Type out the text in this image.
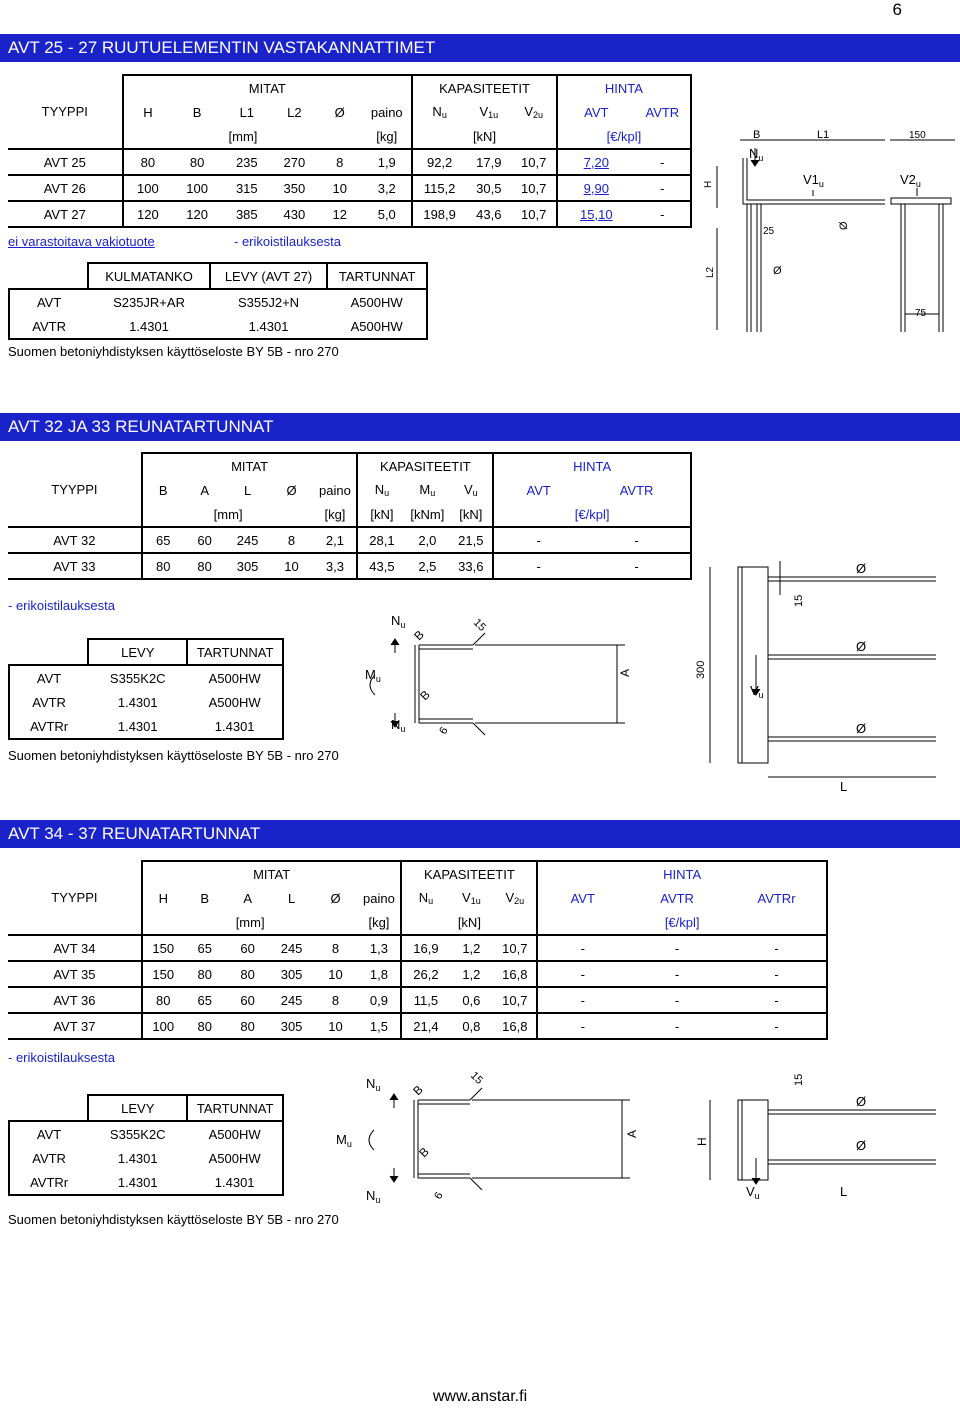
6
AVT 25 - 27 RUUTUELEMENTIN VASTAKANNATTIMET
TYYPPI	MITAT						KAPASITEETIT			HINTA	
	H	B	L1	L2	Ø	paino	$N_u$	$V_{1u}$	$V_{2u}$	AVT	AVTR
	[mm]					[kg]	[kN]			[€/kpl]	
AVT 25	80	80	235	270	8	1,9	92,2	17,9	10,7	7,20	-
AVT 26	100	100	315	350	10	3,2	115,2	30,5	10,7	9,90	-
AVT 27	120	120	385	430	12	5,0	198,9	43,6	10,7	15,10	-
ei varastoitava vakiotuote	- erikoistilauksesta
	KULMATANKO	LEVY (AVT 27)	TARTUNNAT
AVT	S235JR+AR	S355J2+N	A500HW
AVTR	1.4301	1.4301	A500HW
Suomen betoniyhdistyksen käyttöseloste BY 5B - nro 270
B	L1	150
$N_u$
$V1_u$	$V2_u$
H
25
Ø
L2	Ø
75
AVT 32 JA 33 REUNATARTUNNAT
TYYPPI	MITAT					KAPASITEETIT			HINTA	
	B	A	L	Ø	paino	$N_u$	$M_u$	$V_u$	AVT	AVTR
	[mm]				[kg]	[kN]	[kNm]	[kN]	[€/kpl]	
AVT 32	65	60	245	8	2,1	28,1	2,0	21,5	-	-
AVT 33	80	80	305	10	3,3	43,5	2,5	33,6	-	-
- erikoistilauksesta
	LEVY	TARTUNNAT
AVT	S355K2C	A500HW
AVTR	1.4301	A500HW
AVTRr	1.4301	1.4301
Suomen betoniyhdistyksen käyttöseloste BY 5B - nro 270
$N_u$
$M_u$
$N_u$
B
B
15
6
A	300
15
Ø
Ø
Ø
$V_u$
L
AVT 34 - 37 REUNATARTUNNAT
TYYPPI	MITAT						KAPASITEETIT			HINTA		
	H	B	A	L	Ø	paino	$N_u$	$V_{1u}$	$V_{2u}$	AVT	AVTR	AVTRr
	[mm]					[kg]	[kN]			[€/kpl]		
AVT 34	150	65	60	245	8	1,3	16,9	1,2	10,7	-	-	-
AVT 35	150	80	80	305	10	1,8	26,2	1,2	16,8	-	-	-
AVT 36	80	65	60	245	8	0,9	11,5	0,6	10,7	-	-	-
AVT 37	100	80	80	305	10	1,5	21,4	0,8	16,8	-	-	-
- erikoistilauksesta
	LEVY	TARTUNNAT
AVT	S355K2C	A500HW
AVTR	1.4301	A500HW
AVTRr	1.4301	1.4301
Suomen betoniyhdistyksen käyttöseloste BY 5B - nro 270
$N_u$
$M_u$
$N_u$
B
B
15
6
A
H
15
Ø
Ø
$V_u$	L
www.anstar.fi
